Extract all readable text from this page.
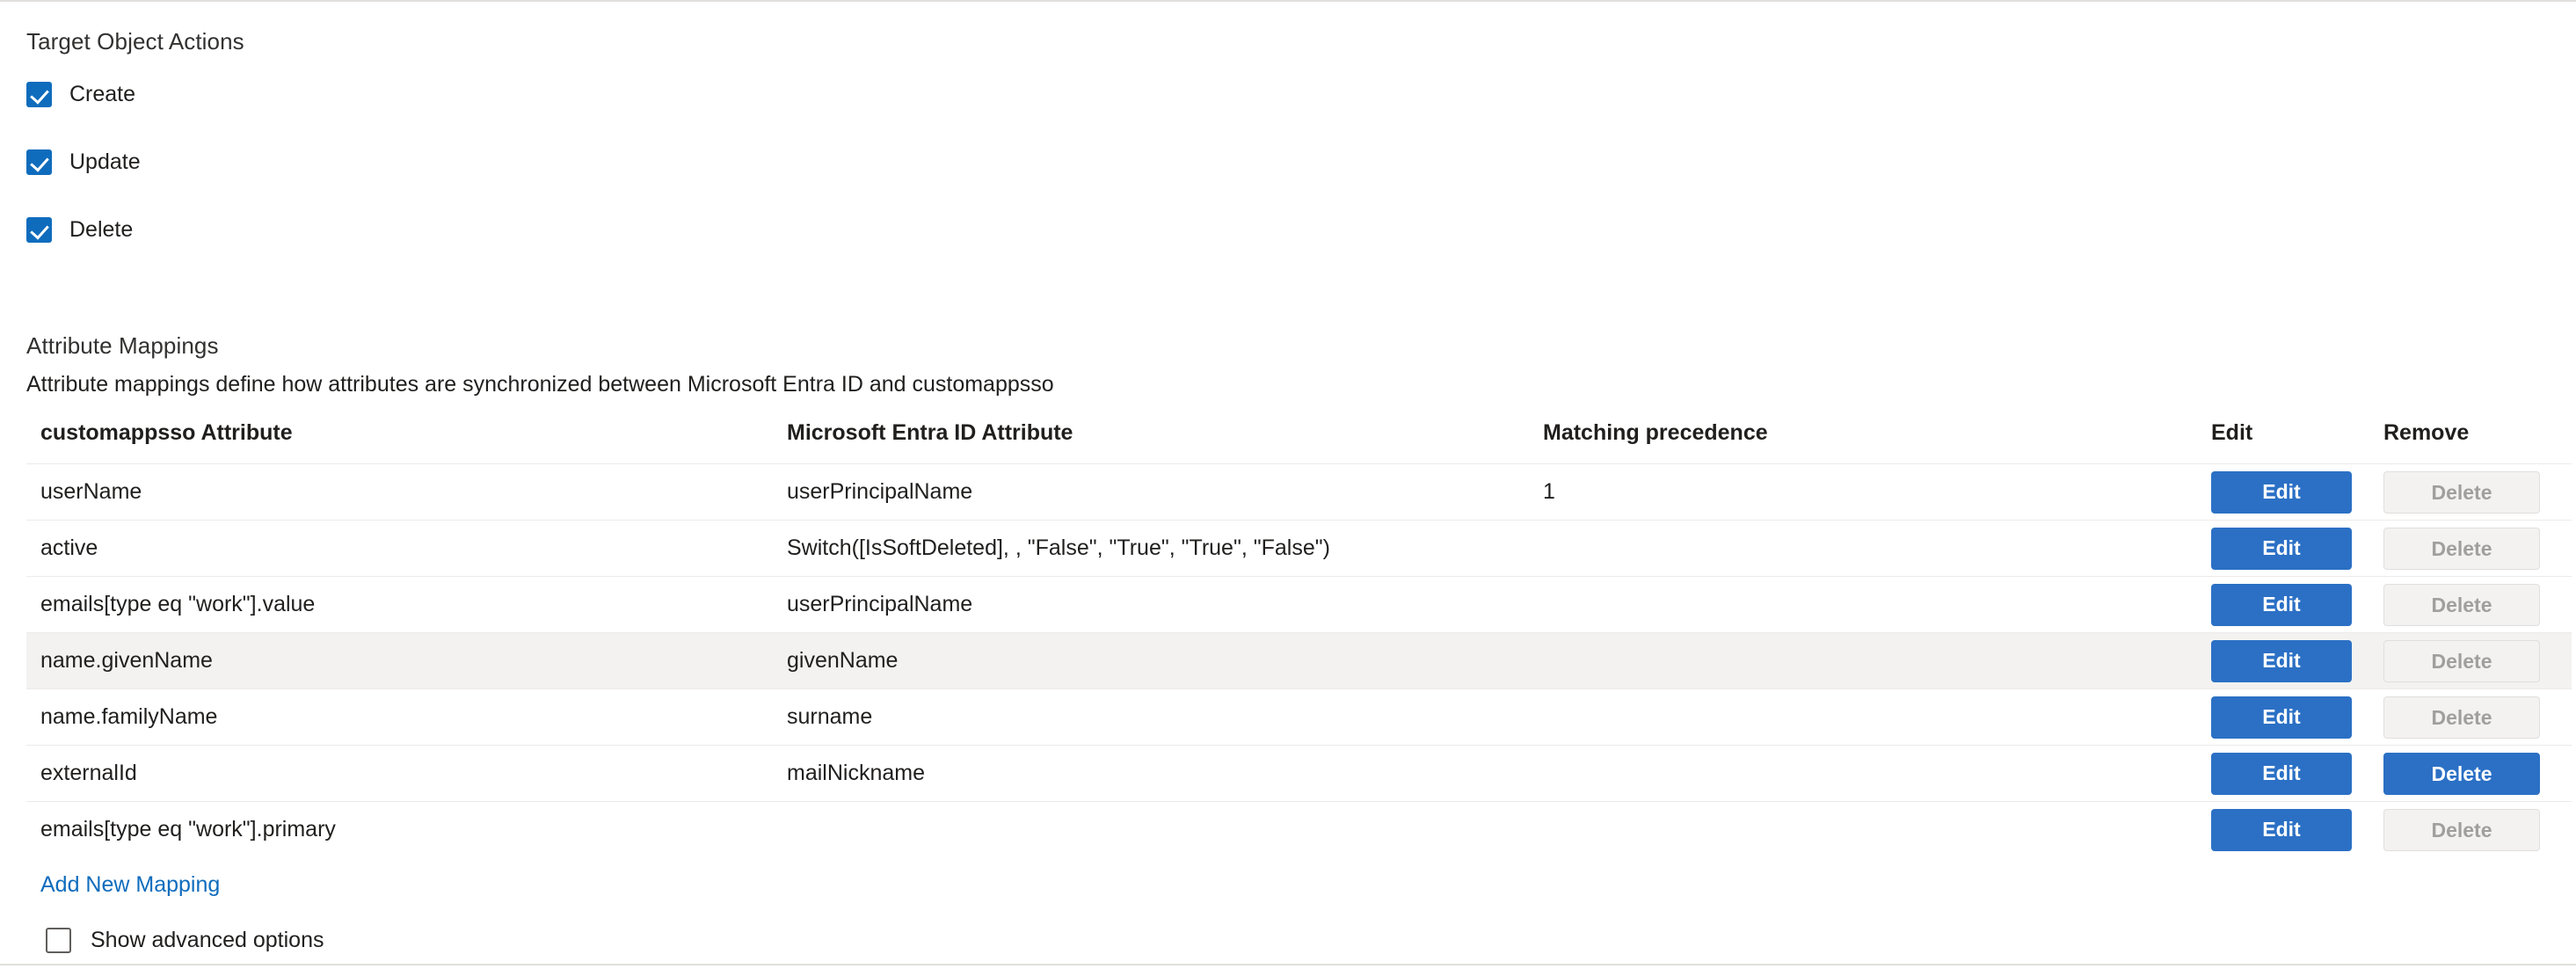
Target Object Actions
Create
Update
Delete
Attribute Mappings
Attribute mappings define how attributes are synchronized between Microsoft Entra ID and customappsso
customappsso Attribute	Microsoft Entra ID Attribute	Matching precedence	Edit	Remove
userName	userPrincipalName	1	Edit	Delete
active	Switch([IsSoftDeleted], , "False", "True", "True", "False")		Edit	Delete
emails[type eq "work"].value	userPrincipalName		Edit	Delete
name.givenName	givenName		Edit	Delete
name.familyName	surname		Edit	Delete
externalId	mailNickname		Edit	Delete
emails[type eq "work"].primary			Edit	Delete
Add New Mapping
Show advanced options
